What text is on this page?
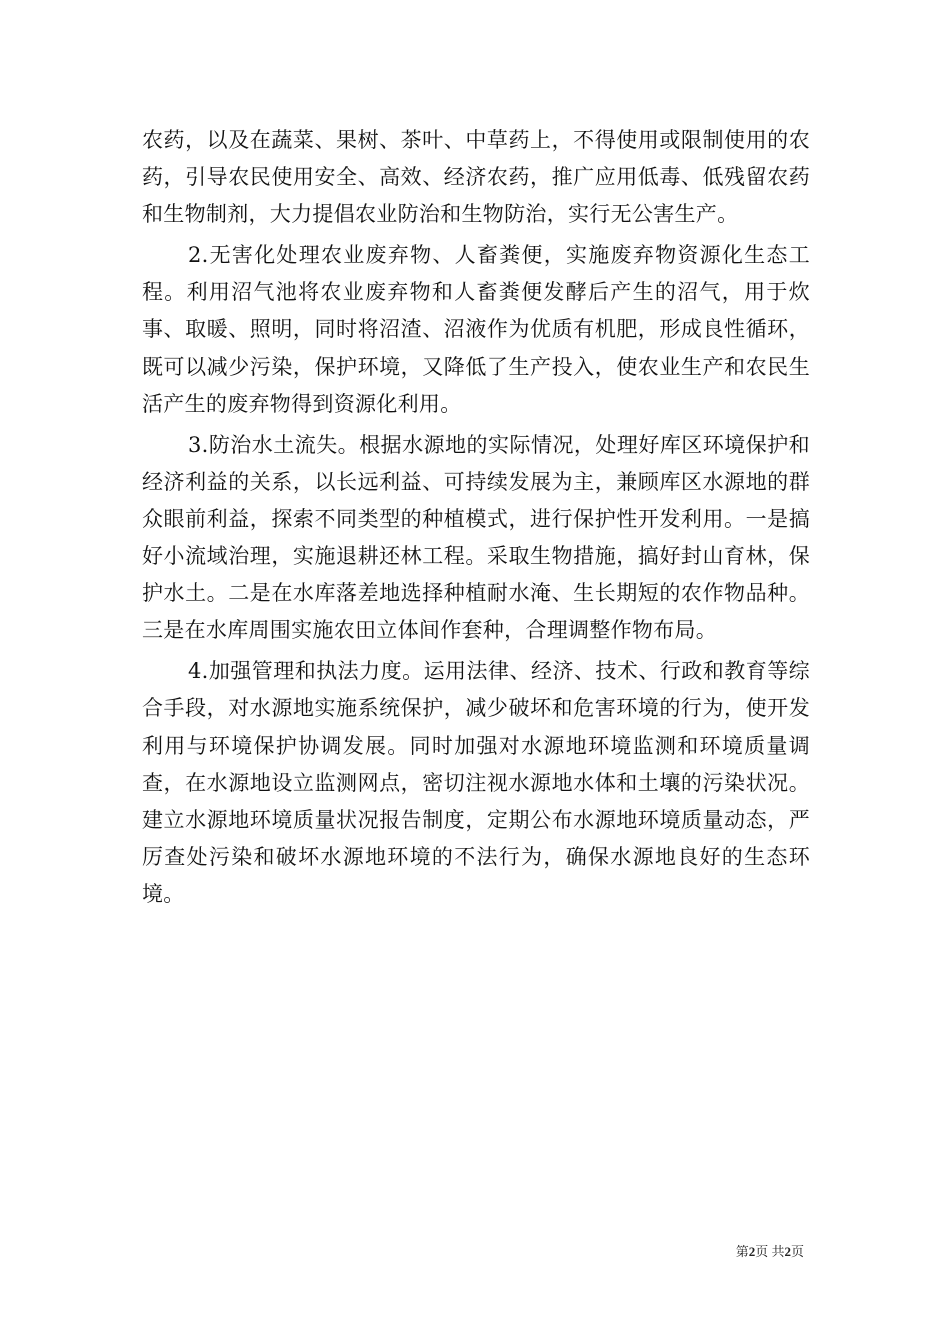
农药，以及在蔬菜、果树、茶叶、中草药上，不得使用或限制使用的农药，引导农民使用安全、高效、经济农药，推广应用低毒、低残留农药和生物制剂，大力提倡农业防治和生物防治，实行无公害生产。

2.无害化处理农业废弃物、人畜粪便，实施废弃物资源化生态工程。利用沼气池将农业废弃物和人畜粪便发酵后产生的沼气，用于炊事、取暖、照明，同时将沼渣、沼液作为优质有机肥，形成良性循环，既可以减少污染，保护环境，又降低了生产投入，使农业生产和农民生活产生的废弃物得到资源化利用。

3.防治水土流失。根据水源地的实际情况，处理好库区环境保护和经济利益的关系，以长远利益、可持续发展为主，兼顾库区水源地的群众眼前利益，探索不同类型的种植模式，进行保护性开发利用。一是搞好小流域治理，实施退耕还林工程。采取生物措施，搞好封山育林，保护水土。二是在水库落差地选择种植耐水淹、生长期短的农作物品种。三是在水库周围实施农田立体间作套种，合理调整作物布局。

4.加强管理和执法力度。运用法律、经济、技术、行政和教育等综合手段，对水源地实施系统保护，减少破坏和危害环境的行为，使开发利用与环境保护协调发展。同时加强对水源地环境监测和环境质量调查，在水源地设立监测网点，密切注视水源地水体和土壤的污染状况。建立水源地环境质量状况报告制度，定期公布水源地环境质量动态，严厉查处污染和破坏水源地环境的不法行为，确保水源地良好的生态环境。

第2页 共2页
